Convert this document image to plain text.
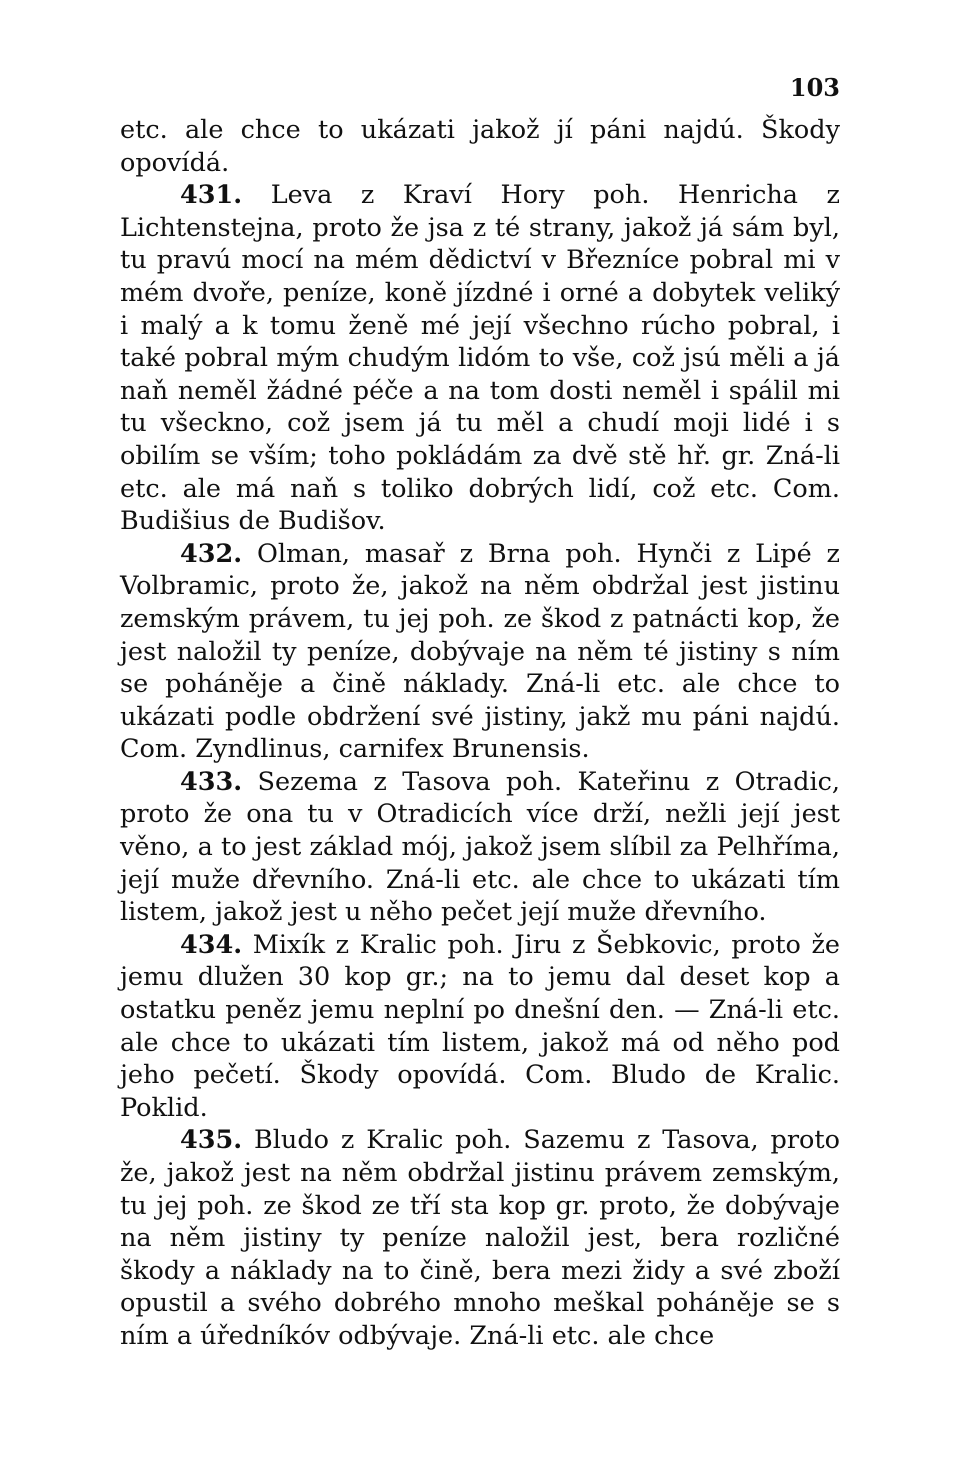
103

etc. ale chce to ukázati jakož jí páni najdú. Škody opovídá.

431. Leva z Kraví Hory poh. Henricha z Lichtenstejna, proto že jsa z té strany, jakož já sám byl, tu pravú mocí na mém dědictví v Březníce pobral mi v mém dvoře, peníze, koně jízdné i orné a dobytek veliký i malý a k tomu ženě mé její všechno rúcho pobral, i také pobral mým chudým lidóm to vše, což jsú měli a já naň neměl žádné péče a na tom dosti neměl i spálil mi tu všeckno, což jsem já tu měl a chudí moji lidé i s obilím se vším; toho pokládám za dvě stě hř. gr. Zná-li etc. ale má naň s toliko dobrých lidí, což etc. Com. Budišius de Budišov.

432. Olman, masař z Brna poh. Hynči z Lipé z Volbramic, proto že, jakož na něm obdržal jest jistinu zemským právem, tu jej poh. ze škod z patnácti kop, že jest naložil ty peníze, dobývaje na něm té jistiny s ním se poháněje a čině náklady. Zná-li etc. ale chce to ukázati podle obdržení své jistiny, jakž mu páni najdú. Com. Zyndlinus, carnifex Brunensis.

433. Sezema z Tasova poh. Kateřinu z Otradic, proto že ona tu v Otradicích více drží, nežli její jest věno, a to jest základ mój, jakož jsem slíbil za Pelhříma, její muže dřevního. Zná-li etc. ale chce to ukázati tím listem, jakož jest u něho pečet její muže dřevního.

434. Mixík z Kralic poh. Jiru z Šebkovic, proto že jemu dlužen 30 kop gr.; na to jemu dal deset kop a ostatku peněz jemu neplní po dnešní den. — Zná-li etc. ale chce to ukázati tím listem, jakož má od něho pod jeho pečetí. Škody opovídá. Com. Bludo de Kralic. Poklid.

435. Bludo z Kralic poh. Sazemu z Tasova, proto že, jakož jest na něm obdržal jistinu právem zemským, tu jej poh. ze škod ze tří sta kop gr. proto, že dobývaje na něm jistiny ty peníze naložil jest, bera rozličné škody a náklady na to čině, bera mezi židy a své zboží opustil a svého dobrého mnoho meškal poháněje se s ním a úředníkóv odbývaje. Zná-li etc. ale chce
